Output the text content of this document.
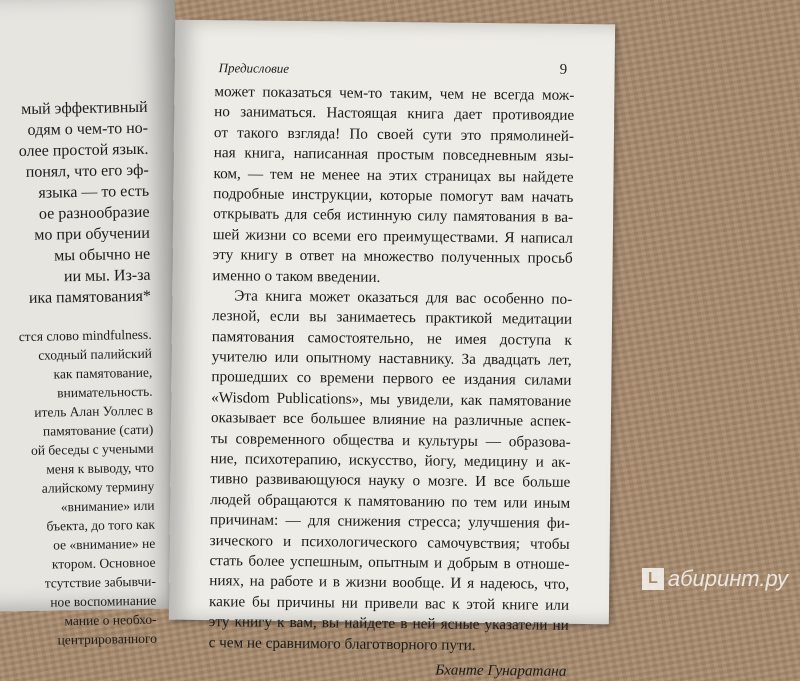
мый эффективный
одям о чем-то но-
олее простой язык.
понял, что его эф-
языка — то есть
ое разнообразие
мо при обучении
мы обычно не
ии мы. Из-за
ика памятования*
стся слово mindfulness.
сходный палийский
как памятование,
внимательность.
итель Алан Уоллес в
памятование (сати)
ой беседы с учеными
меня к выводу, что
алийскому термину
«внимание» или
бъекта, до того как
ое «внимание» не
ктором. Основное
тсутствие забывчи-
ное воспоминание
мание о необхо-
центрированного
Предисловие	9
может показаться чем-то таким, чем не всегда мож-
но заниматься. Настоящая книга дает противоядие
от такого взгляда! По своей сути это прямолиней-
ная книга, написанная простым повседневным язы-
ком, — тем не менее на этих страницах вы найдете
подробные инструкции, которые помогут вам начать
открывать для себя истинную силу памятования в ва-
шей жизни со всеми его преимуществами. Я написал
эту книгу в ответ на множество полученных просьб
именно о таком введении.
Эта книга может оказаться для вас особенно по-
лезной, если вы занимаетесь практикой медитации
памятования самостоятельно, не имея доступа к
учителю или опытному наставнику. За двадцать лет,
прошедших со времени первого ее издания силами
«Wisdom Publications», мы увидели, как памятование
оказывает все большее влияние на различные аспек-
ты современного общества и культуры — образова-
ние, психотерапию, искусство, йогу, медицину и ак-
тивно развивающуюся науку о мозге. И все больше
людей обращаются к памятованию по тем или иным
причинам: — для снижения стресса; улучшения фи-
зического и психологического самочувствия; чтобы
стать более успешным, опытным и добрым в отноше-
ниях, на работе и в жизни вообще. И я надеюсь, что,
какие бы причины ни привели вас к этой книге или
эту книгу к вам, вы найдете в ней ясные указатели ни
с чем не сравнимого благотворного пути.
Бханте Гунаратана
L абиринт.ру
